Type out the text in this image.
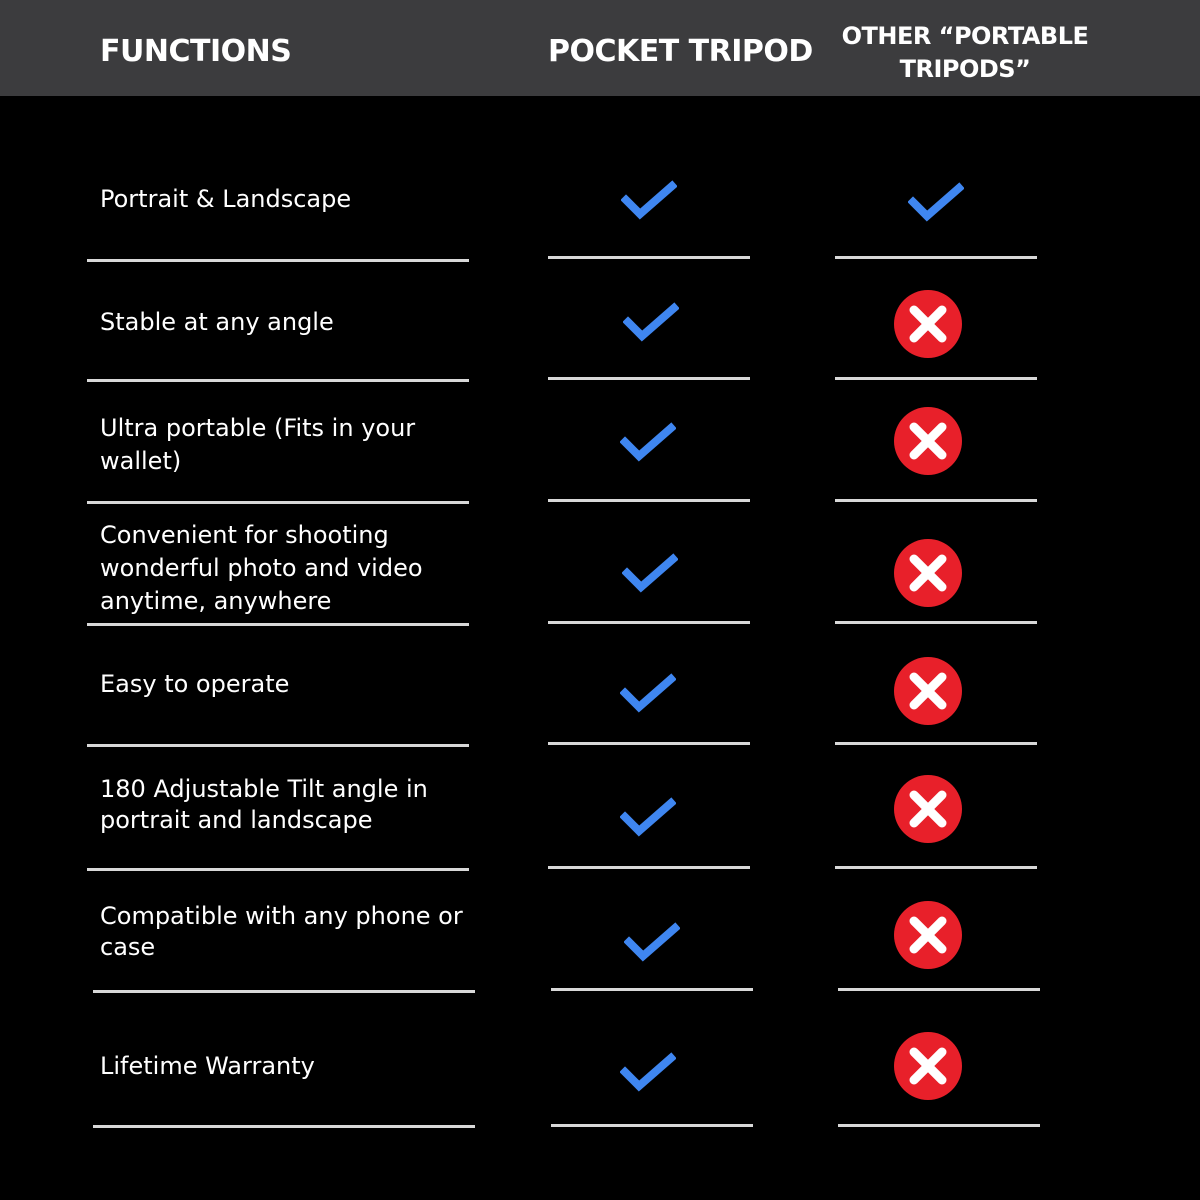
FUNCTIONS	POCKET TRIPOD OTHER “PORTABLE TRIPODS”
Portrait & Landscape
Stable at any angle
Ultra portable (Fits in your wallet)
Convenient for shooting wonderful photo and video anytime, anywhere
Easy to operate
180 Adjustable Tilt angle in portrait and landscape
Compatible with any phone or case
Lifetime Warranty
